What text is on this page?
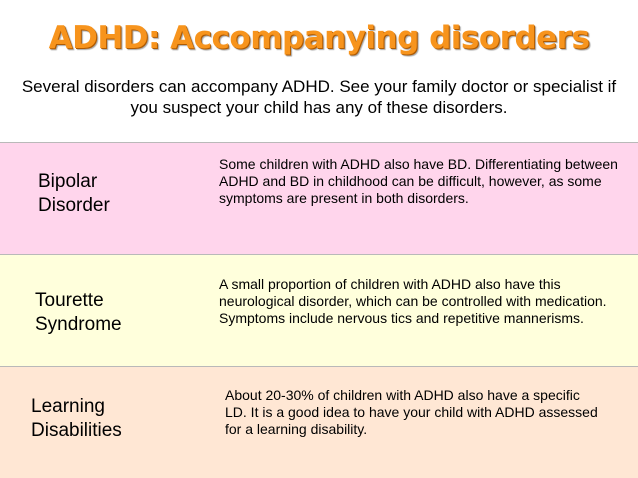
ADHD: Accompanying disorders
Several disorders can accompany ADHD. See your family doctor or specialist if you suspect your child has any of these disorders.
Bipolar
Disorder
Some children with ADHD also have BD. Differentiating between ADHD and BD in childhood can be difficult, however, as some symptoms are present in both disorders.
Tourette
Syndrome
A small proportion of children with ADHD also have this neurological disorder, which can be controlled with medication. Symptoms include nervous tics and repetitive mannerisms.
Learning
Disabilities
About 20-30% of children with ADHD also have a specific LD. It is a good idea to have your child with ADHD assessed for a learning disability.
